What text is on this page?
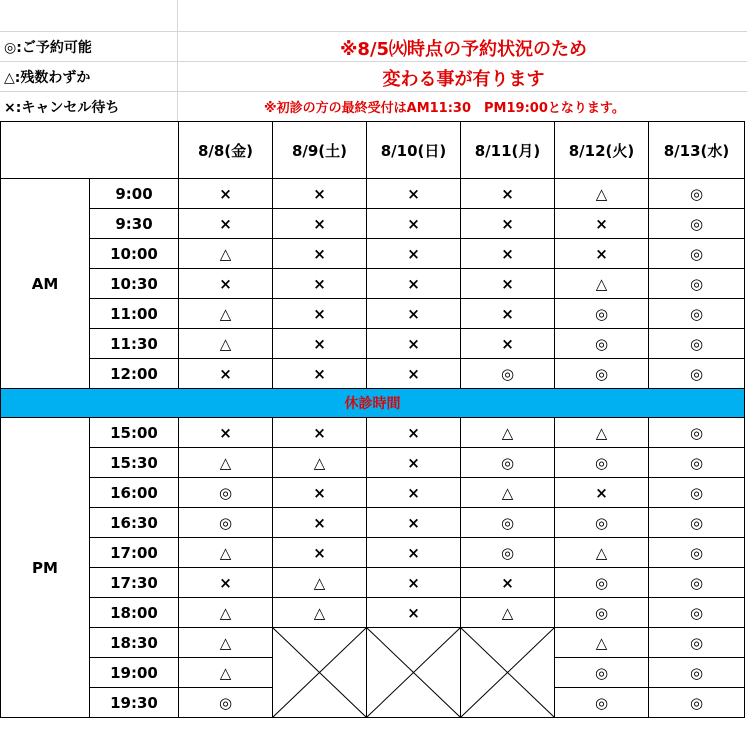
◎:ご予約可能
△:残数わずか
×:キャンセル待ち
※8/5㈫時点の予約状況のため
変わる事が有ります
※初診の方の最終受付はAM11:30　PM19:00となります。
		8/8(金)	8/9(土)	8/10(日)	8/11(月)	8/12(火)	8/13(水)
AM	9:00	×	×	×	×	△	◎
	9:30	×	×	×	×	×	◎
	10:00	△	×	×	×	×	◎
	10:30	×	×	×	×	△	◎
	11:00	△	×	×	×	◎	◎
	11:30	△	×	×	×	◎	◎
	12:00	×	×	×	◎	◎	◎
休診時間							
PM	15:00	×	×	×	△	△	◎
	15:30	△	△	×	◎	◎	◎
	16:00	◎	×	×	△	×	◎
	16:30	◎	×	×	◎	◎	◎
	17:00	△	×	×	◎	△	◎
	17:30	×	△	×	×	◎	◎
	18:00	△	△	×	△	◎	◎
	18:30	△				△	◎
	19:00	△				◎	◎
	19:30	◎				◎	◎
